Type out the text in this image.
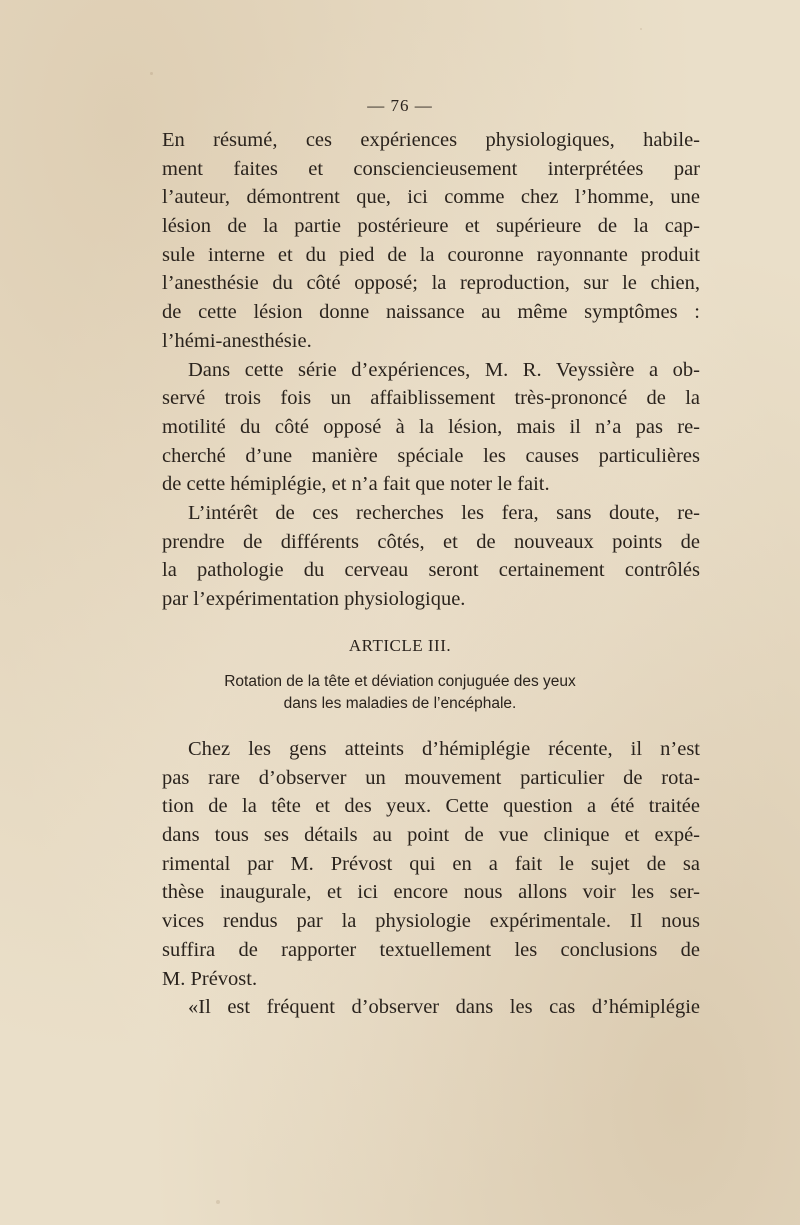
— 76 —
En résumé, ces expériences physiologiques, habile-
ment faites et consciencieusement interprétées par
l’auteur, démontrent que, ici comme chez l’homme, une
lésion de la partie postérieure et supérieure de la cap-
sule interne et du pied de la couronne rayonnante produit
l’anesthésie du côté opposé; la reproduction, sur le chien,
de cette lésion donne naissance au même symptômes :
l’hémi-anesthésie.
Dans cette série d’expériences, M. R. Veyssière a ob-
servé trois fois un affaiblissement très-prononcé de la
motilité du côté opposé à la lésion, mais il n’a pas re-
cherché d’une manière spéciale les causes particulières
de cette hémiplégie, et n’a fait que noter le fait.
L’intérêt de ces recherches les fera, sans doute, re-
prendre de différents côtés, et de nouveaux points de
la pathologie du cerveau seront certainement contrôlés
par l’expérimentation physiologique.
ARTICLE III.
Rotation de la tête et déviation conjuguée des yeux
dans les maladies de l’encéphale.
Chez les gens atteints d’hémiplégie récente, il n’est
pas rare d’observer un mouvement particulier de rota-
tion de la tête et des yeux. Cette question a été traitée
dans tous ses détails au point de vue clinique et expé-
rimental par M. Prévost qui en a fait le sujet de sa
thèse inaugurale, et ici encore nous allons voir les ser-
vices rendus par la physiologie expérimentale. Il nous
suffira de rapporter textuellement les conclusions de
M. Prévost.
«Il est fréquent d’observer dans les cas d’hémiplégie
